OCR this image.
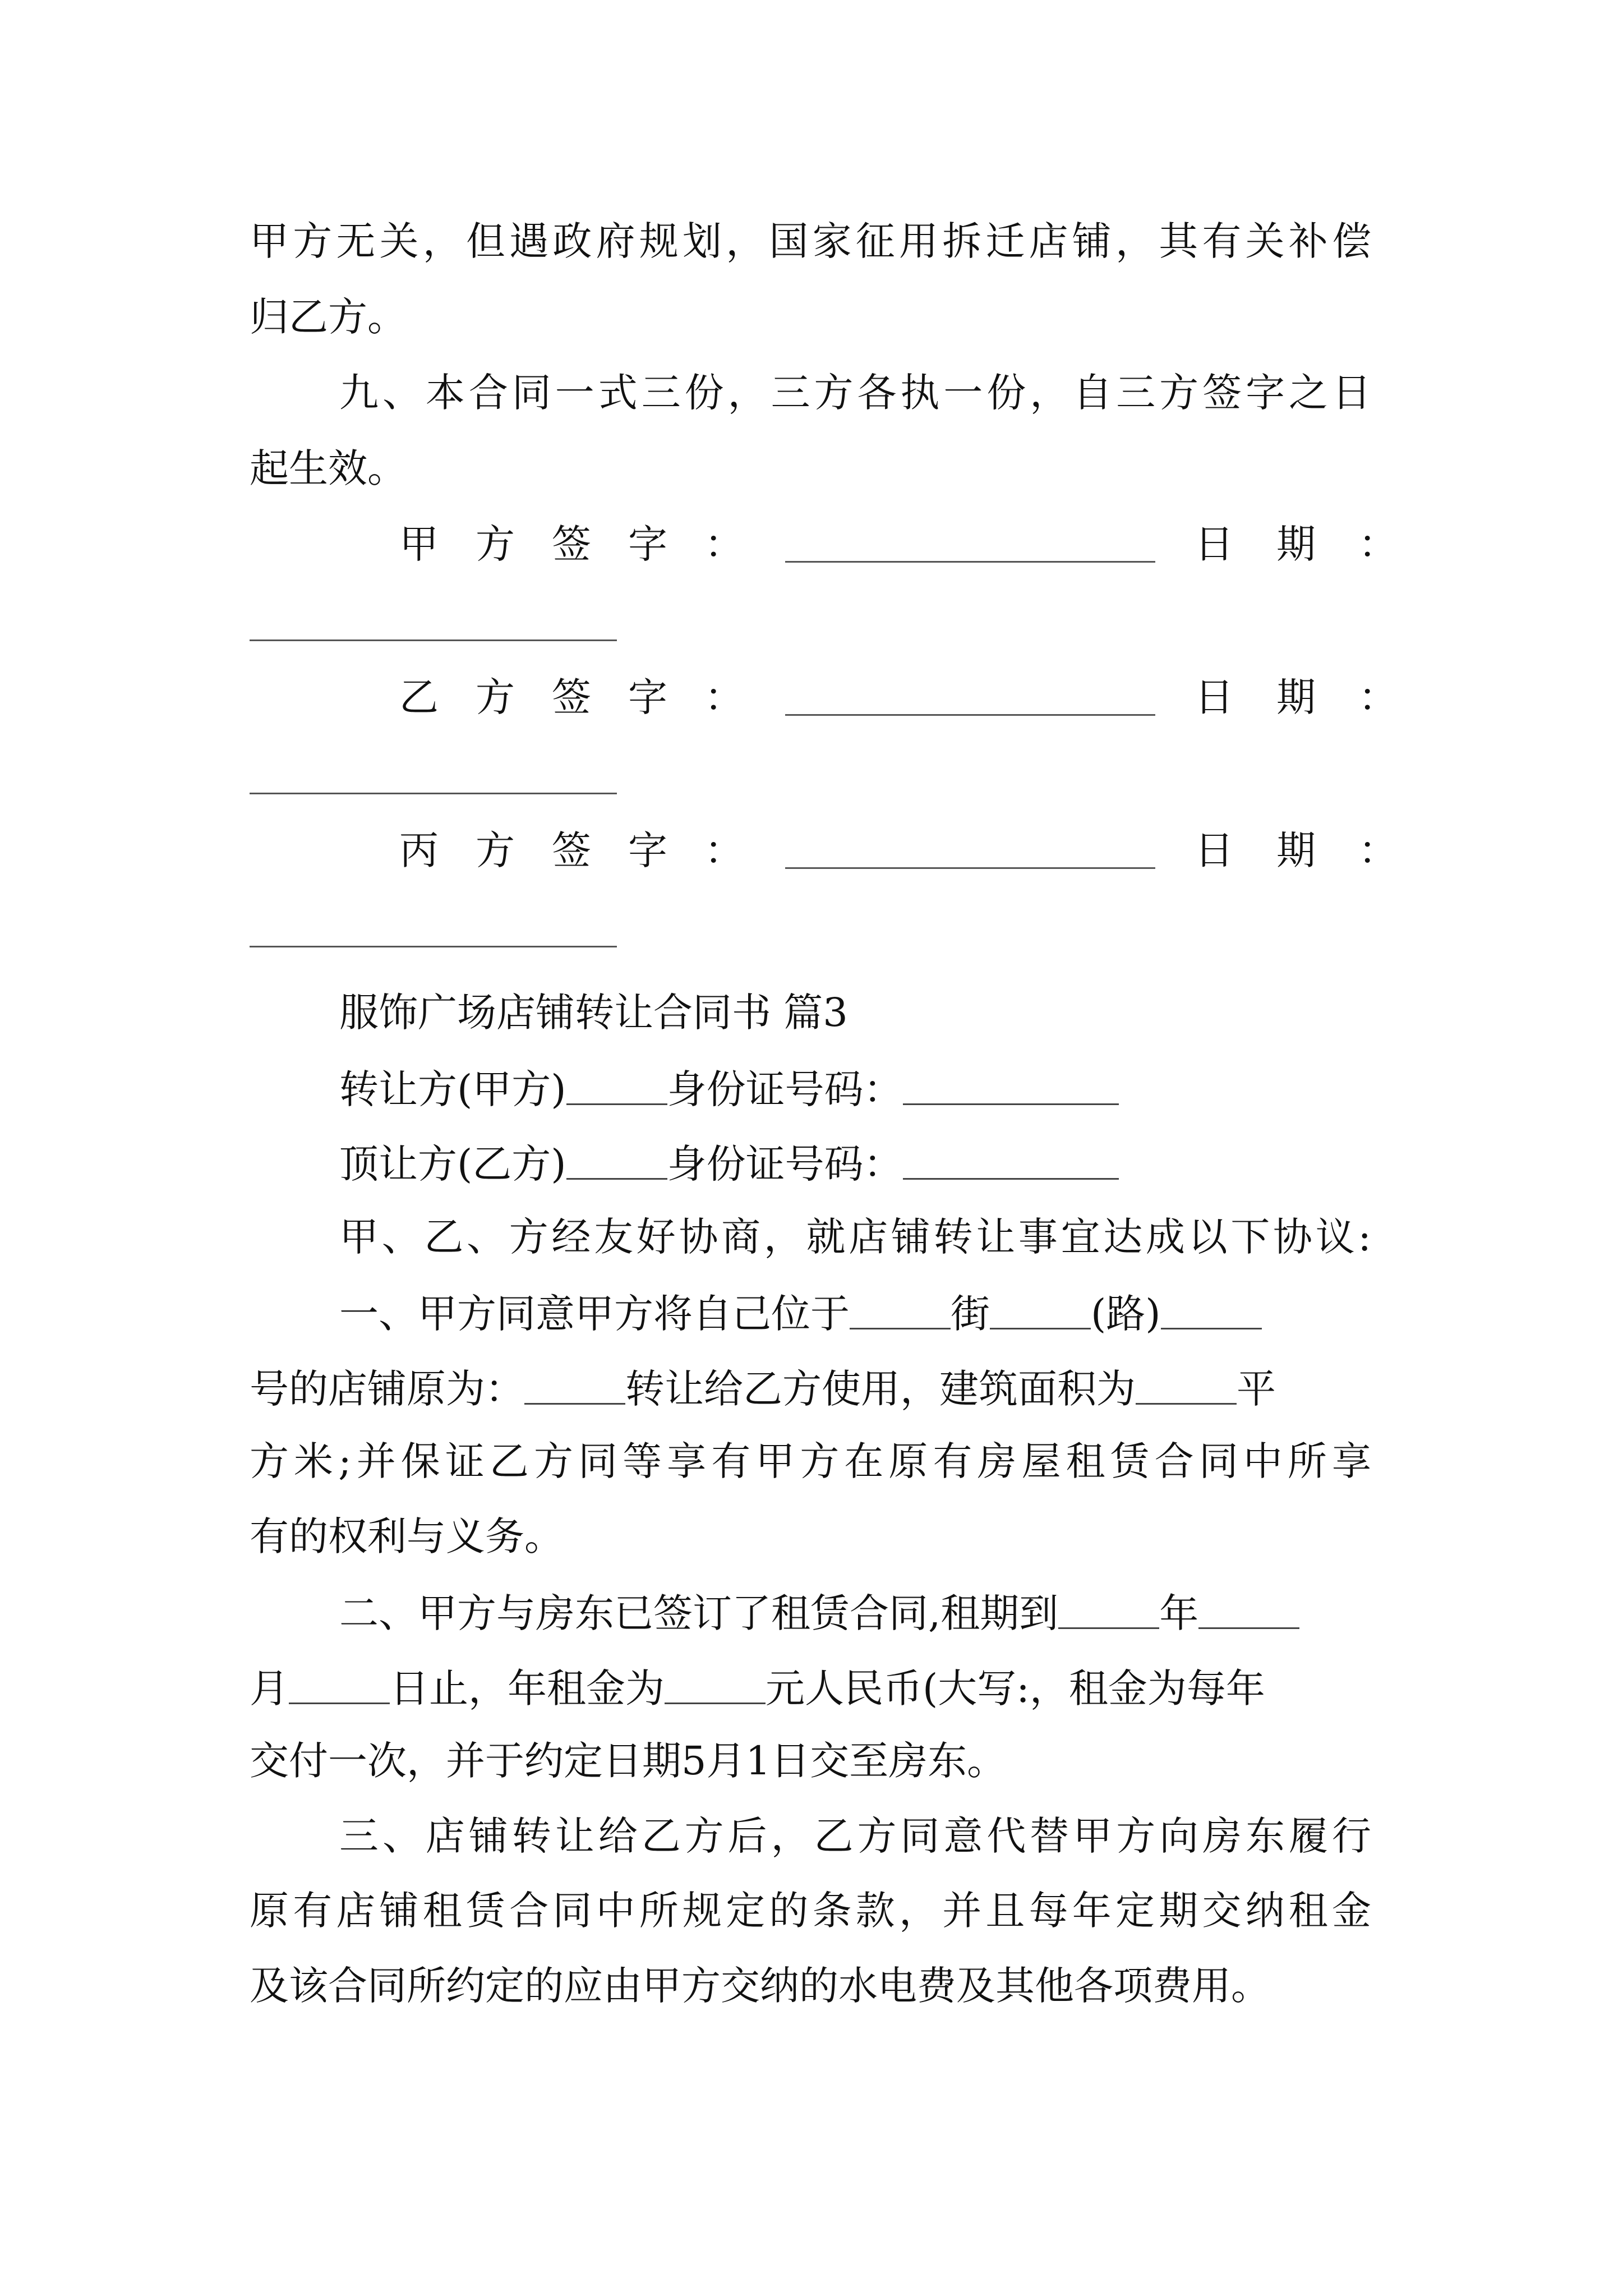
甲方无关，但遇政府规划，国家征用拆迁店铺，其有关补偿
归乙方。
九、本合同一式三份，三方各执一份，自三方签字之日
起生效。
甲方签字：	日期：
乙方签字：	日期：
丙方签字：	日期：
服饰广场店铺转让合同书 篇3
转让方(甲方)	身份证号码：
顶让方(乙方)	身份证号码：
甲、乙、方经友好协商，就店铺转让事宜达成以下协议:
一、甲方同意甲方将自己位于	街	(路)
号的店铺原为：	转让给乙方使用，建筑面积为	平
方米;并保证乙方同等享有甲方在原有房屋租赁合同中所享
有的权利与义务。
二、甲方与房东已签订了租赁合同,租期到	年
月	日止，年租金为	元人民币(大写:，租金为每年
交付一次，并于约定日期5月1日交至房东。
三、店铺转让给乙方后，乙方同意代替甲方向房东履行
原有店铺租赁合同中所规定的条款，并且每年定期交纳租金
及该合同所约定的应由甲方交纳的水电费及其他各项费用。
